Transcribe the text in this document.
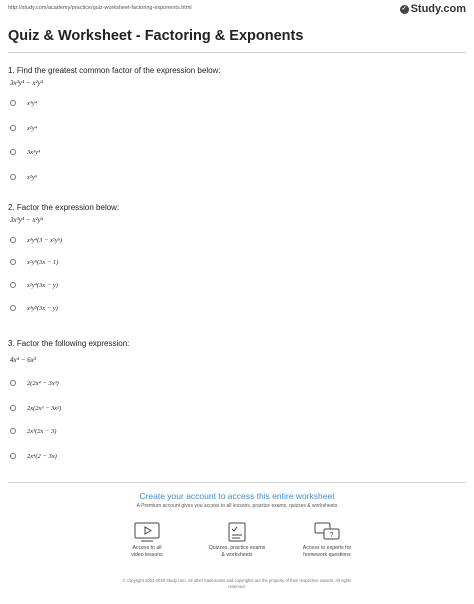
http://study.com/academy/practice/quiz-worksheet-factoring-exponents.html	✓ Study.com
Quiz & Worksheet - Factoring & Exponents
1. Find the greatest common factor of the expression below:
3x³y⁴ − x²y⁵
x³y⁴
x²y⁴
3x³y⁴
x²y⁵
2. Factor the expression below:
3x³y⁴ − x²y⁵
x³y⁴(3 − x²y⁵)
x²y⁵(3x − 1)
x²y⁴(3x − y)
x³y⁵(3x − y)
3. Factor the following expression:
4x⁴ − 6x³
2(2x⁴ − 3x³)
2x(2x³ − 3x²)
2x³(2x − 3)
2x⁴(2 − 3x)
Create your account to access this entire worksheet
A Premium account gives you access to all lessons, practice exams, quizzes & worksheets
Access to all
video lessons
Quizzes, practice exams
& worksheets
?
Access to experts for
homework questions
© copyright 2003-2020 Study.com. All other trademarks and copyrights are the property of their respective owners. All rights
reserved.
